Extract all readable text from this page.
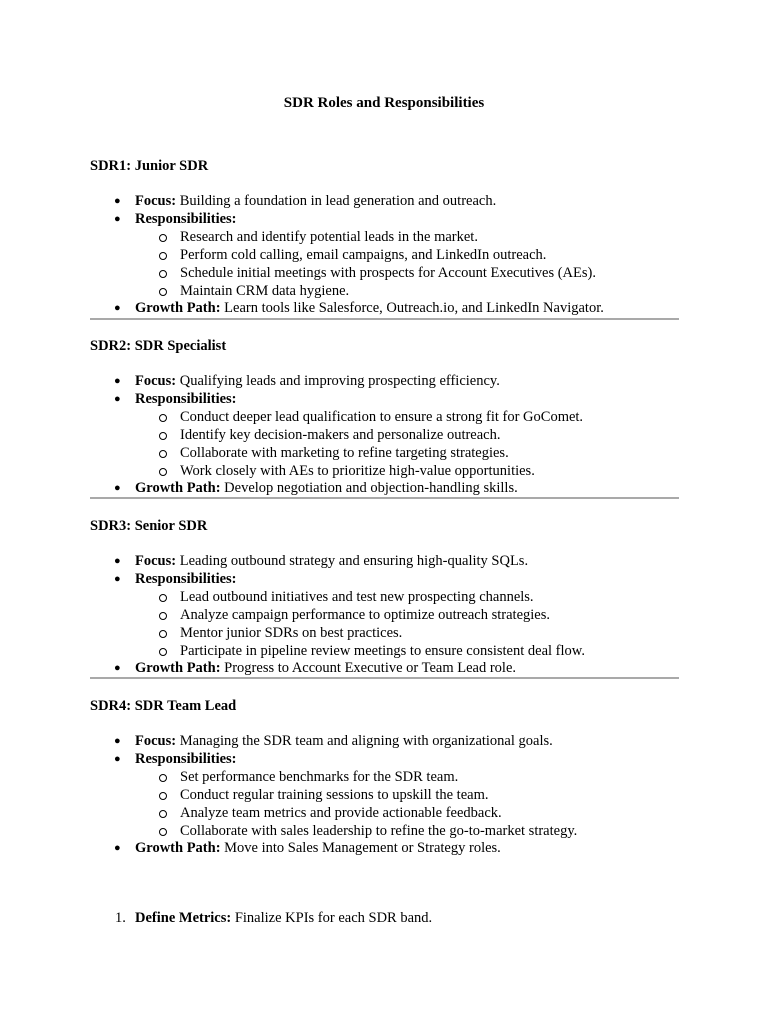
SDR Roles and Responsibilities
SDR1: Junior SDR
● Focus: Building a foundation in lead generation and outreach.
● Responsibilities:
Research and identify potential leads in the market.
Perform cold calling, email campaigns, and LinkedIn outreach.
Schedule initial meetings with prospects for Account Executives (AEs).
Maintain CRM data hygiene.
● Growth Path: Learn tools like Salesforce, Outreach.io, and LinkedIn Navigator.
SDR2: SDR Specialist
● Focus: Qualifying leads and improving prospecting efficiency.
● Responsibilities:
Conduct deeper lead qualification to ensure a strong fit for GoComet.
Identify key decision-makers and personalize outreach.
Collaborate with marketing to refine targeting strategies.
Work closely with AEs to prioritize high-value opportunities.
● Growth Path: Develop negotiation and objection-handling skills.
SDR3: Senior SDR
● Focus: Leading outbound strategy and ensuring high-quality SQLs.
● Responsibilities:
Lead outbound initiatives and test new prospecting channels.
Analyze campaign performance to optimize outreach strategies.
Mentor junior SDRs on best practices.
Participate in pipeline review meetings to ensure consistent deal flow.
● Growth Path: Progress to Account Executive or Team Lead role.
SDR4: SDR Team Lead
● Focus: Managing the SDR team and aligning with organizational goals.
● Responsibilities:
Set performance benchmarks for the SDR team.
Conduct regular training sessions to upskill the team.
Analyze team metrics and provide actionable feedback.
Collaborate with sales leadership to refine the go-to-market strategy.
● Growth Path: Move into Sales Management or Strategy roles.
1. Define Metrics: Finalize KPIs for each SDR band.
